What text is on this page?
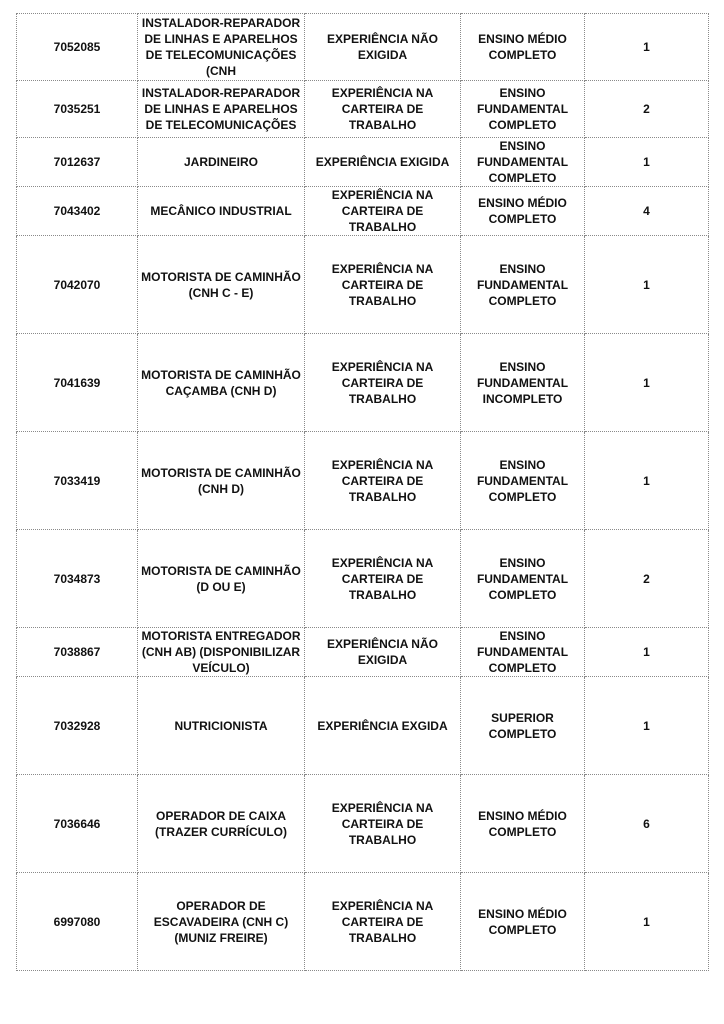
7052085	INSTALADOR-REPARADOR DE LINHAS E APARELHOS DE TELECOMUNICAÇÕES (CNH	EXPERIÊNCIA NÃO EXIGIDA	ENSINO MÉDIO COMPLETO	1
7035251	INSTALADOR-REPARADOR DE LINHAS E APARELHOS DE TELECOMUNICAÇÕES	EXPERIÊNCIA NA CARTEIRA DE TRABALHO	ENSINO FUNDAMENTAL COMPLETO	2
7012637	JARDINEIRO	EXPERIÊNCIA EXIGIDA	ENSINO FUNDAMENTAL COMPLETO	1
7043402	MECÂNICO INDUSTRIAL	EXPERIÊNCIA NA CARTEIRA DE TRABALHO	ENSINO MÉDIO COMPLETO	4
7042070	MOTORISTA DE CAMINHÃO (CNH C - E)	EXPERIÊNCIA NA CARTEIRA DE TRABALHO	ENSINO FUNDAMENTAL COMPLETO	1
7041639	MOTORISTA DE CAMINHÃO CAÇAMBA (CNH D)	EXPERIÊNCIA NA CARTEIRA DE TRABALHO	ENSINO FUNDAMENTAL INCOMPLETO	1
7033419	MOTORISTA DE CAMINHÃO (CNH D)	EXPERIÊNCIA NA CARTEIRA DE TRABALHO	ENSINO FUNDAMENTAL COMPLETO	1
7034873	MOTORISTA DE CAMINHÃO (D OU E)	EXPERIÊNCIA NA CARTEIRA DE TRABALHO	ENSINO FUNDAMENTAL COMPLETO	2
7038867	MOTORISTA ENTREGADOR (CNH AB) (DISPONIBILIZAR VEÍCULO)	EXPERIÊNCIA NÃO EXIGIDA	ENSINO FUNDAMENTAL COMPLETO	1
7032928	NUTRICIONISTA	EXPERIÊNCIA EXGIDA	SUPERIOR COMPLETO	1
7036646	OPERADOR DE CAIXA (TRAZER CURRÍCULO)	EXPERIÊNCIA NA CARTEIRA DE TRABALHO	ENSINO MÉDIO COMPLETO	6
6997080	OPERADOR DE ESCAVADEIRA (CNH C) (MUNIZ FREIRE)	EXPERIÊNCIA NA CARTEIRA DE TRABALHO	ENSINO MÉDIO COMPLETO	1
